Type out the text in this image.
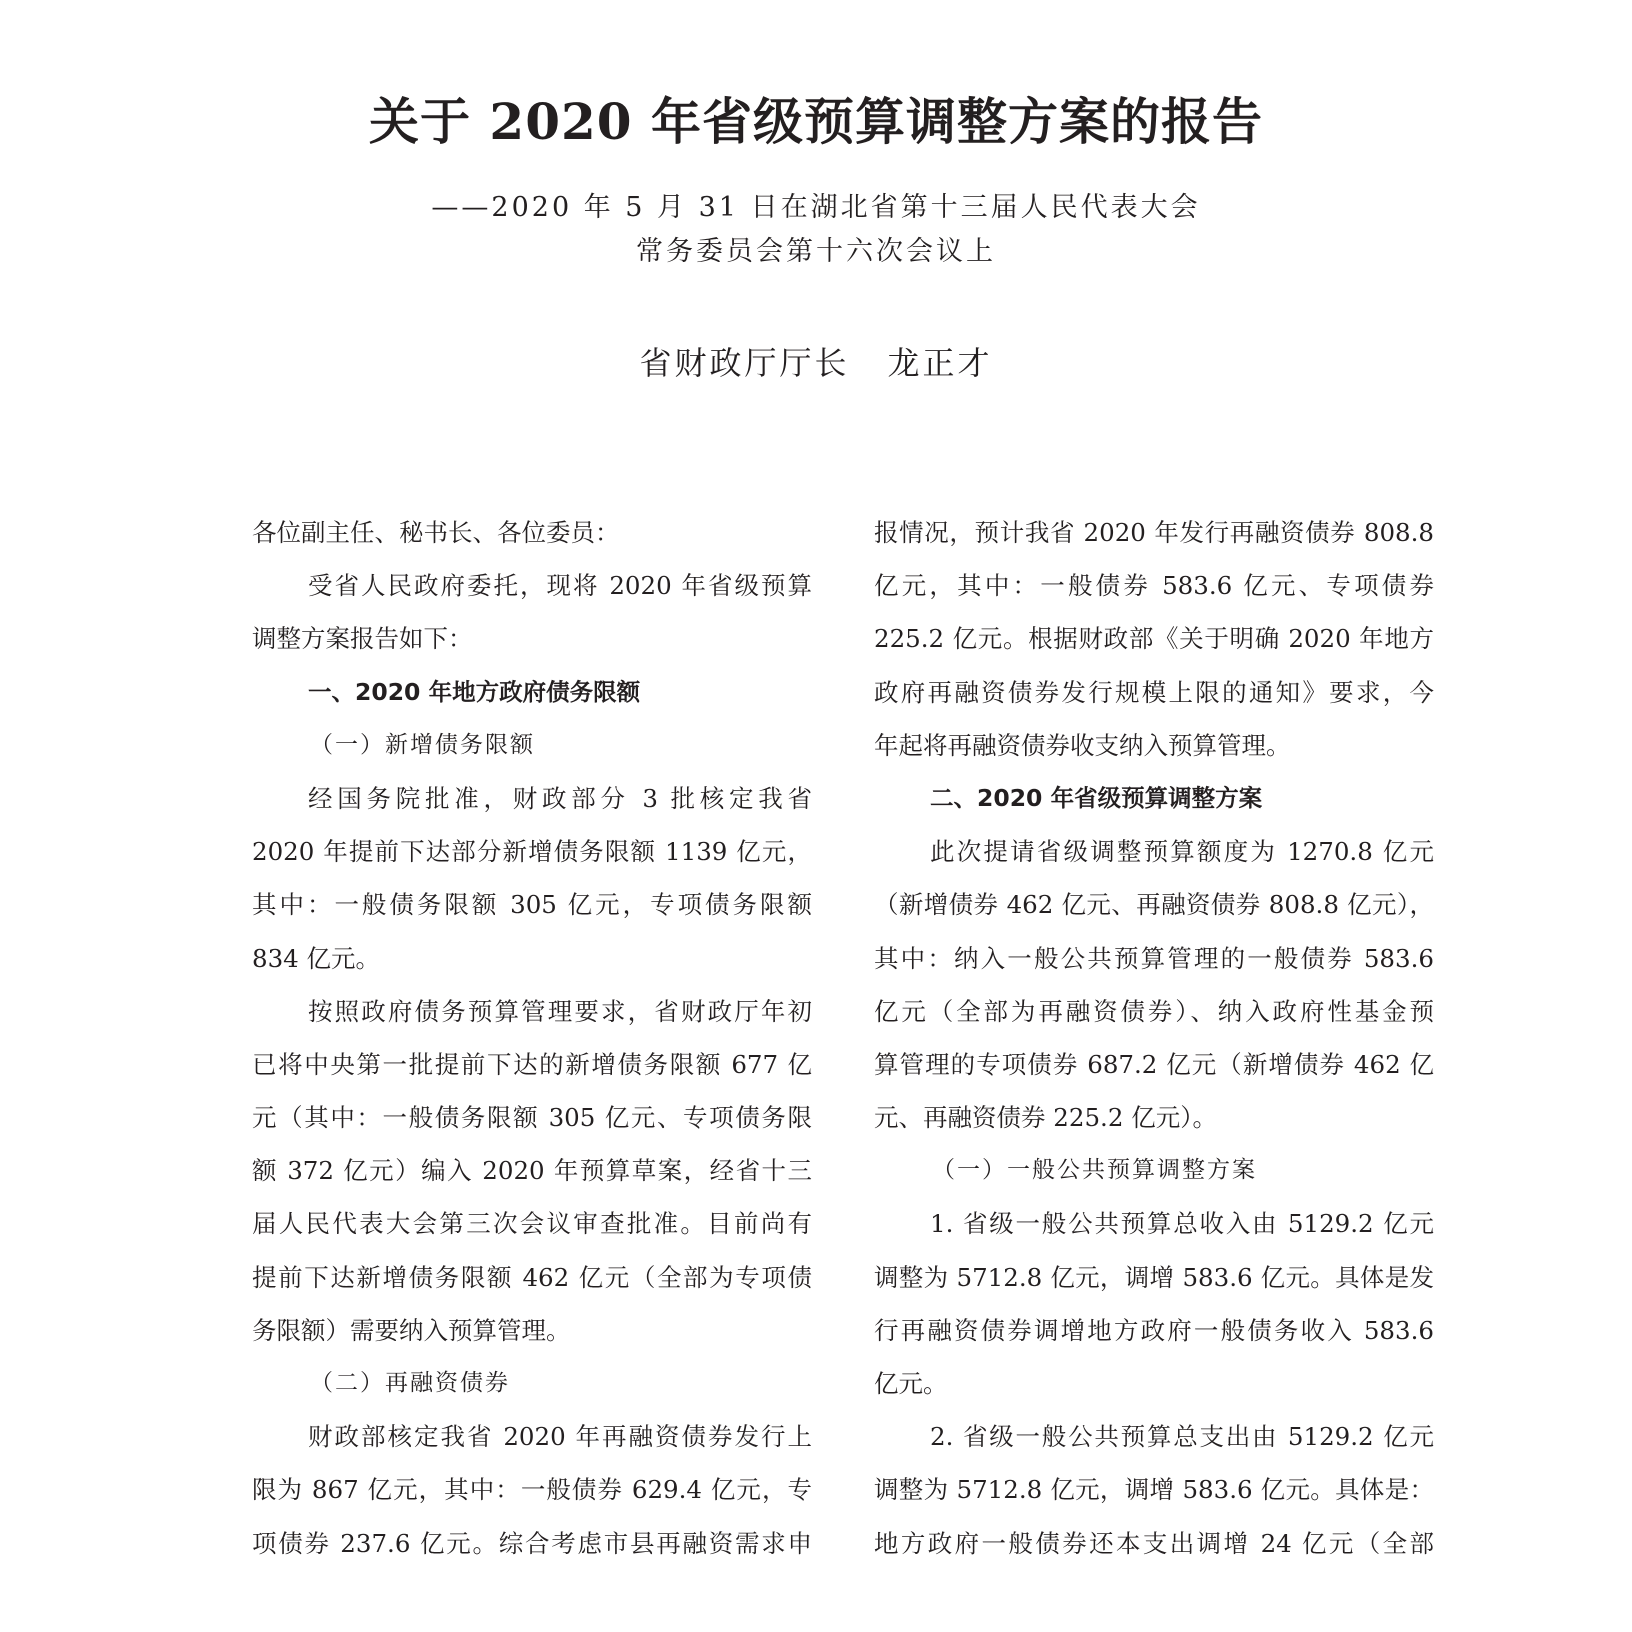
关于 2020 年省级预算调整方案的报告
——2020 年 5 月 31 日在湖北省第十三届人民代表大会
常务委员会第十六次会议上
省财政厅厅长 龙正才
各位副主任、秘书长、各位委员：
受省人民政府委托，现将 2020 年省级预算
调整方案报告如下：
一、2020 年地方政府债务限额
（一）新增债务限额
经国务院批准，财政部分 3 批核定我省
2020 年提前下达部分新增债务限额 1139 亿元，
其中：一般债务限额 305 亿元，专项债务限额
834 亿元。
按照政府债务预算管理要求，省财政厅年初
已将中央第一批提前下达的新增债务限额 677 亿
元（其中：一般债务限额 305 亿元、专项债务限
额 372 亿元）编入 2020 年预算草案，经省十三
届人民代表大会第三次会议审查批准。目前尚有
提前下达新增债务限额 462 亿元（全部为专项债
务限额）需要纳入预算管理。
（二）再融资债券
财政部核定我省 2020 年再融资债券发行上
限为 867 亿元，其中：一般债券 629.4 亿元，专
项债券 237.6 亿元。综合考虑市县再融资需求申
报情况，预计我省 2020 年发行再融资债券 808.8
亿元，其中：一般债券 583.6 亿元、专项债券
225.2 亿元。根据财政部《关于明确 2020 年地方
政府再融资债券发行规模上限的通知》要求，今
年起将再融资债券收支纳入预算管理。
二、2020 年省级预算调整方案
此次提请省级调整预算额度为 1270.8 亿元
（新增债券 462 亿元、再融资债券 808.8 亿元），
其中：纳入一般公共预算管理的一般债券 583.6
亿元（全部为再融资债券）、纳入政府性基金预
算管理的专项债券 687.2 亿元（新增债券 462 亿
元、再融资债券 225.2 亿元）。
（一）一般公共预算调整方案
1. 省级一般公共预算总收入由 5129.2 亿元
调整为 5712.8 亿元，调增 583.6 亿元。具体是发
行再融资债券调增地方政府一般债务收入 583.6
亿元。
2. 省级一般公共预算总支出由 5129.2 亿元
调整为 5712.8 亿元，调增 583.6 亿元。具体是：
地方政府一般债券还本支出调增 24 亿元（全部
